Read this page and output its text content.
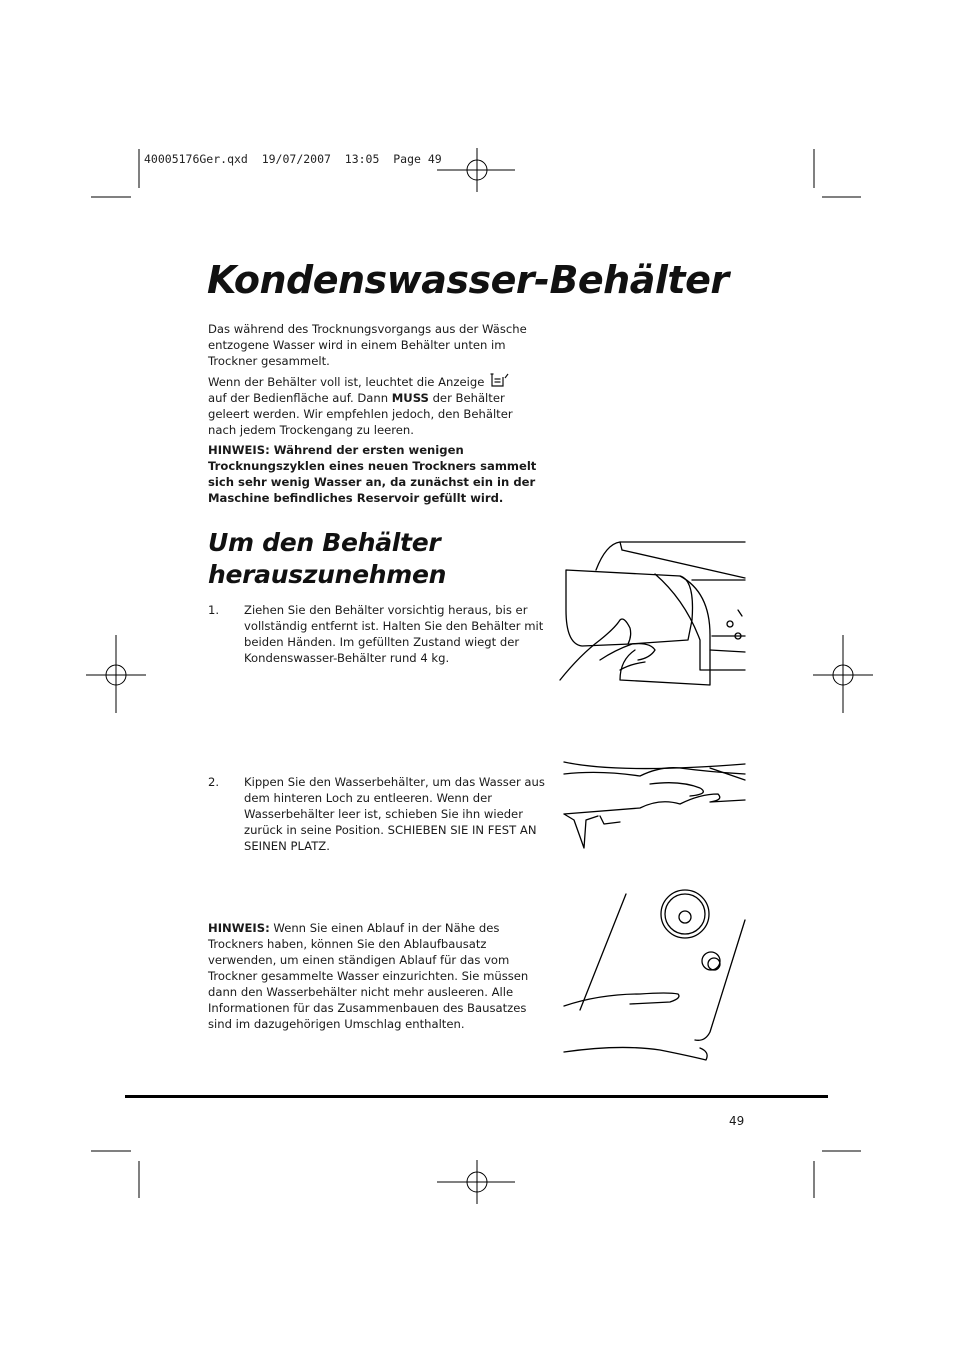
40005176Ger.qxd  19/07/2007  13:05  Page 49
Kondenswasser-Behälter
Das während des Trocknungsvorgangs aus der Wäsche entzogene Wasser wird in einem Behälter unten im Trockner gesammelt.
Wenn der Behälter voll ist, leuchtet die Anzeige
auf der Bedienfläche auf. Dann MUSS der Behälter geleert werden. Wir empfehlen jedoch, den Behälter nach jedem Trockengang zu leeren.
HINWEIS: Während der ersten wenigen Trocknungszyklen eines neuen Trockners sammelt sich sehr wenig Wasser an, da zunächst ein in der Maschine befindliches Reservoir gefüllt wird.
Um den Behälter
herauszunehmen
1. Ziehen Sie den Behälter vorsichtig heraus, bis er vollständig entfernt ist. Halten Sie den Behälter mit beiden Händen. Im gefüllten Zustand wiegt der Kondenswasser-Behälter rund 4 kg.
2. Kippen Sie den Wasserbehälter, um das Wasser aus dem hinteren Loch zu entleeren. Wenn der Wasserbehälter leer ist, schieben Sie ihn wieder zurück in seine Position. SCHIEBEN SIE IN FEST AN SEINEN PLATZ.
HINWEIS: Wenn Sie einen Ablauf in der Nähe des Trockners haben, können Sie den Ablaufbausatz verwenden, um einen ständigen Ablauf für das vom Trockner gesammelte Wasser einzurichten. Sie müssen dann den Wasserbehälter nicht mehr ausleeren. Alle Informationen für das Zusammenbauen des Bausatzes sind im dazugehörigen Umschlag enthalten.
49
